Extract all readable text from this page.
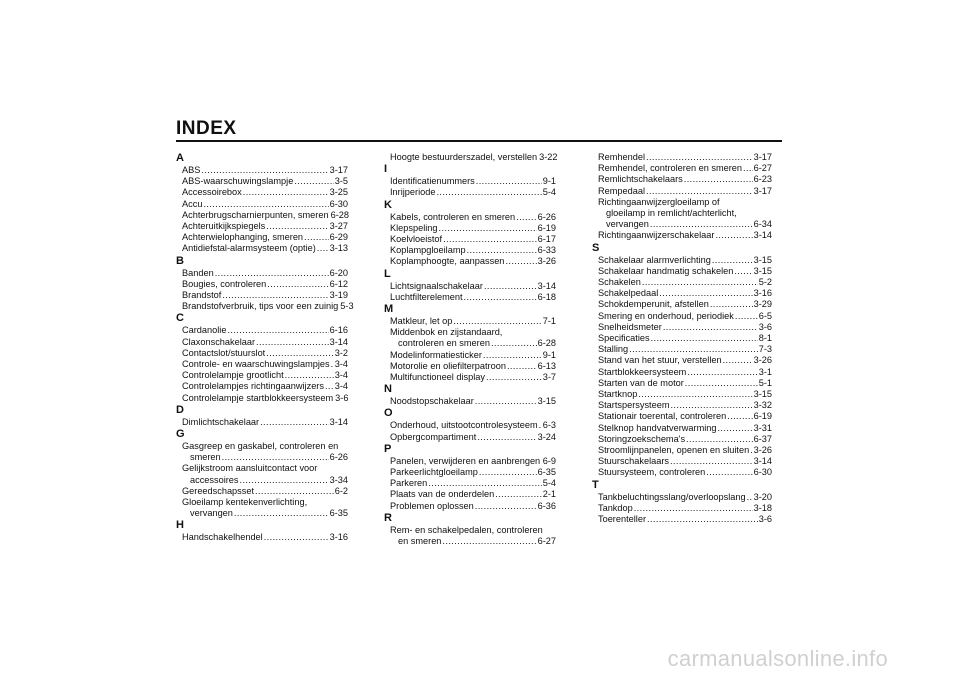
INDEX
A
ABS .....	3-17
ABS-waarschuwingslampje .....	3-5
Accessoirebox .....	3-25
Accu .....	6-30
Achterbrugscharnierpunten, smeren 6-28
Achteruitkijkspiegels .....	3-27
Achterwielophanging, smeren .....	6-29
Antidiefstal-alarmsysteem (optie) ..... 3-13
B
Banden .....	6-20
Bougies, controleren .....	6-12
Brandstof .....	3-19
Brandstofverbruik, tips voor een zuinig 5-3
C
Cardanolie .....	6-16
Claxonschakelaar .....	3-14
Contactslot/stuurslot .....	3-2
Controle- en waarschuwingslampjes ..... 3-4
Controlelampje grootlicht .....	3-4
Controlelampjes richtingaanwijzers ..... 3-4
Controlelampje startblokkeersysteem 3-6
D
Dimlichtschakelaar .....	3-14
G
Gasgreep en gaskabel, controleren en
smeren .....	6-26
Gelijkstroom aansluitcontact voor
accessoires .....	3-34
Gereedschapsset .....	6-2
Gloeilamp kentekenverlichting,
vervangen .....	6-35
H
Handschakelhendel .....	3-16
Hoogte bestuurderszadel, verstellen 3-22
I
Identificatienummers .....	9-1
Inrijperiode .....	5-4
K
Kabels, controleren en smeren ..... 6-26
Klepspeling .....	6-19
Koelvloeistof .....	6-17
Koplampgloeilamp .....	6-33
Koplamphoogte, aanpassen .....	3-26
L
Lichtsignaalschakelaar .....	3-14
Luchtfilterelement .....	6-18
M
Matkleur, let op .....	7-1
Middenbok en zijstandaard,
controleren en smeren .....	6-28
Modelinformatiesticker .....	9-1
Motorolie en oliefilterpatroon .....	6-13
Multifunctioneel display .....	3-7
N
Noodstopschakelaar .....	3-15
O
Onderhoud, uitstootcontrolesysteem ..... 6-3
Opbergcompartiment .....	3-24
P
Panelen, verwijderen en aanbrengen ..... 6-9
Parkeerlichtgloeilamp .....	6-35
Parkeren .....	5-4
Plaats van de onderdelen .....	2-1
Problemen oplossen .....	6-36
R
Rem- en schakelpedalen, controleren
en smeren .....	6-27
Remhendel .....	3-17
Remhendel, controleren en smeren ..... 6-27
Remlichtschakelaars .....	6-23
Rempedaal .....	3-17
Richtingaanwijzergloeilamp of
gloeilamp in remlicht/achterlicht,
vervangen .....	6-34
Richtingaanwijzerschakelaar .....	3-14
S
Schakelaar alarmverlichting .....	3-15
Schakelaar handmatig schakelen ..... 3-15
Schakelen .....	5-2
Schakelpedaal .....	3-16
Schokdemperunit, afstellen .....	3-29
Smering en onderhoud, periodiek .....	6-5
Snelheidsmeter .....	3-6
Specificaties .....	8-1
Stalling .....	7-3
Stand van het stuur, verstellen .....	3-26
Startblokkeersysteem .....	3-1
Starten van de motor .....	5-1
Startknop .....	3-15
Startspersysteem .....	3-32
Stationair toerental, controleren .....	6-19
Stelknop handvatverwarming .....	3-31
Storingzoekschema's .....	6-37
Stroomlijnpanelen, openen en sluiten ..... 3-26
Stuurschakelaars .....	3-14
Stuursysteem, controleren .....	6-30
T
Tankbeluchtingsslang/overloopslang ..... 3-20
Tankdop .....	3-18
Toerenteller .....	3-6
carmanualsonline.info
